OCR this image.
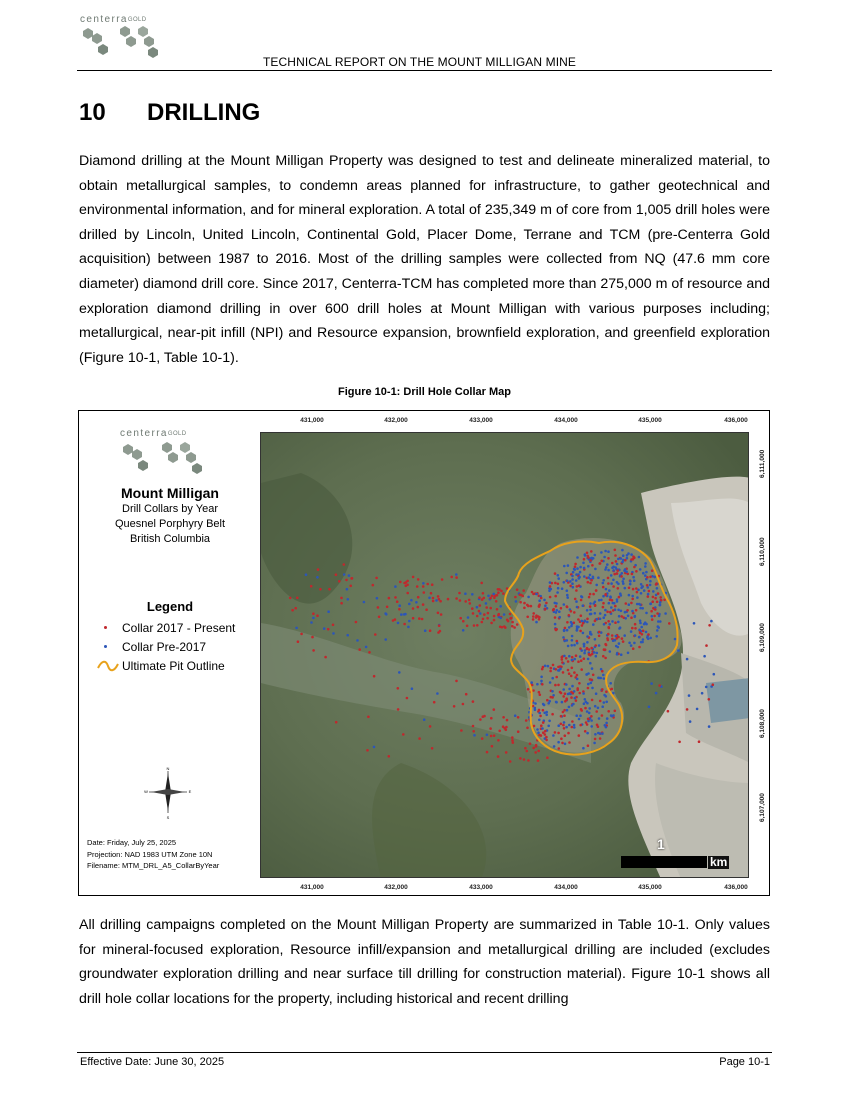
centerraGOLD
TECHNICAL REPORT ON THE MOUNT MILLIGAN MINE
10 DRILLING

Diamond drilling at the Mount Milligan Property was designed to test and delineate mineralized material, to obtain metallurgical samples, to condemn areas planned for infrastructure, to gather geotechnical and environmental information, and for mineral exploration. A total of 235,349 m of core from 1,005 drill holes were drilled by Lincoln, United Lincoln, Continental Gold, Placer Dome, Terrane and TCM (pre-Centerra Gold acquisition) between 1987 to 2016. Most of the drilling samples were collected from NQ (47.6 mm core diameter) diamond drill core. Since 2017, Centerra-TCM has completed more than 275,000 m of resource and exploration diamond drilling in over 600 drill holes at Mount Milligan with various purposes including; metallurgical, near-pit infill (NPI) and Resource expansion, brownfield exploration, and greenfield exploration (Figure 10-1, Table 10-1).

Figure 10-1: Drill Hole Collar Map
centerraGOLD
Mount Milligan
Drill Collars by Year
Quesnel Porphyry Belt
British Columbia
Legend
Collar 2017 - Present
Collar Pre-2017
Ultimate Pit Outline
N
S
E
W
Date: Friday, July 25, 2025
Projection: NAD 1983 UTM Zone 10N
Filename: MTM_DRL_A5_CollarByYear
431,000	432,000	433,000	434,000	435,000	436,000
431,000	432,000	433,000	434,000	435,000	436,000
6,111,000
6,110,000
6,109,000
6,108,000
6,107,000
1
km

All drilling campaigns completed on the Mount Milligan Property are summarized in Table 10-1. Only values for mineral-focused exploration, Resource infill/expansion and metallurgical drilling are included (excludes groundwater exploration drilling and near surface till drilling for construction material). Figure 10-1 shows all drill hole collar locations for the property, including historical and recent drilling

Effective Date: June 30, 2025	Page 10-1
